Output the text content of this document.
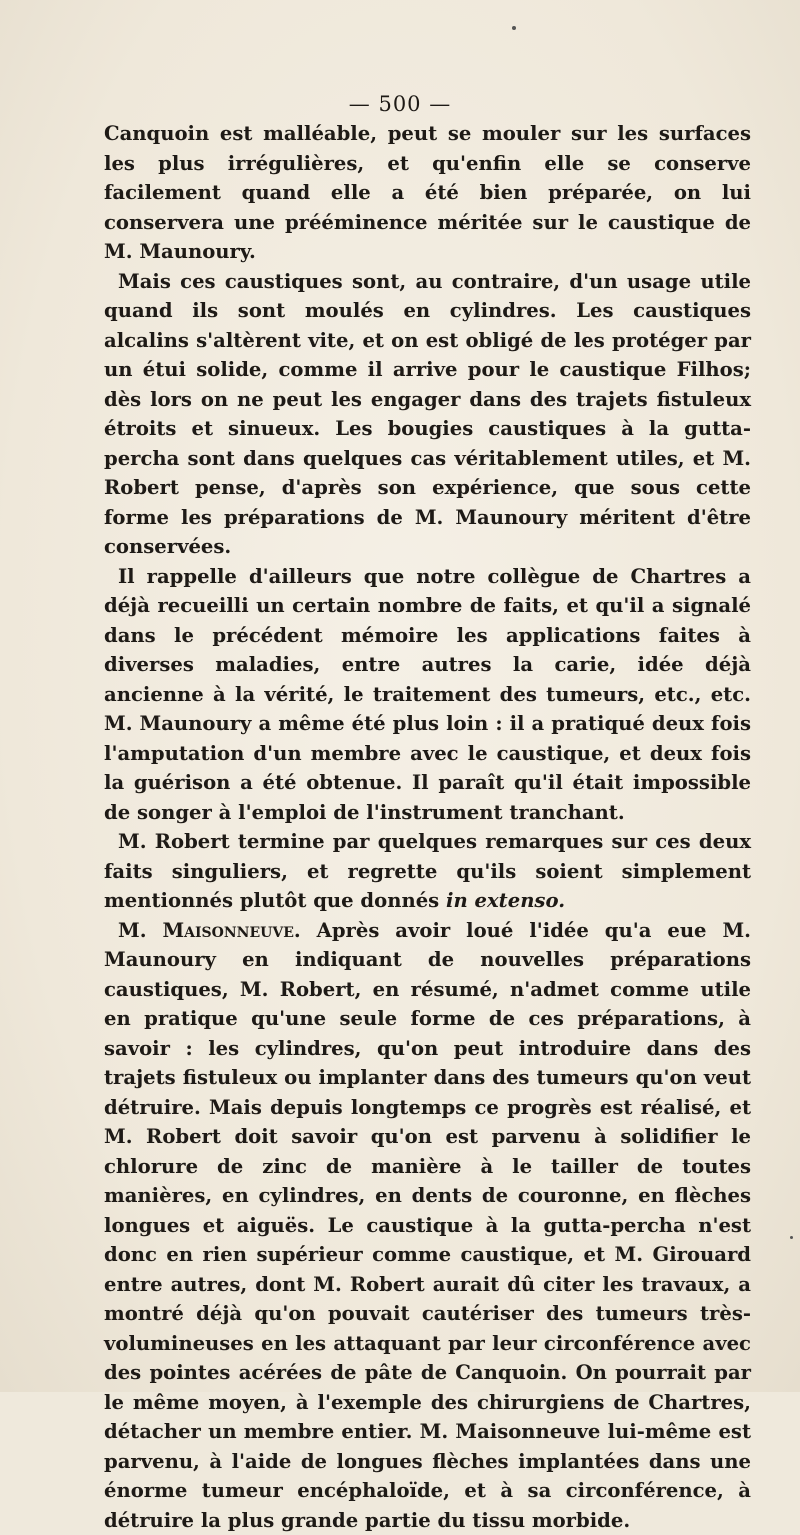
— 500 —

Canquoin est malléable, peut se mouler sur les surfaces les plus irrégulières, et qu'enfin elle se conserve facilement quand elle a été bien préparée, on lui conservera une prééminence méritée sur le caustique de M. Maunoury.

Mais ces caustiques sont, au contraire, d'un usage utile quand ils sont moulés en cylindres. Les caustiques alcalins s'altèrent vite, et on est obligé de les protéger par un étui solide, comme il arrive pour le caustique Filhos; dès lors on ne peut les engager dans des trajets fistuleux étroits et sinueux. Les bougies caustiques à la gutta-percha sont dans quelques cas véritablement utiles, et M. Robert pense, d'après son expérience, que sous cette forme les préparations de M. Maunoury méritent d'être conservées.

Il rappelle d'ailleurs que notre collègue de Chartres a déjà recueilli un certain nombre de faits, et qu'il a signalé dans le précédent mémoire les applications faites à diverses maladies, entre autres la carie, idée déjà ancienne à la vérité, le traitement des tumeurs, etc., etc. M. Maunoury a même été plus loin : il a pratiqué deux fois l'amputation d'un membre avec le caustique, et deux fois la guérison a été obtenue. Il paraît qu'il était impossible de songer à l'emploi de l'instrument tranchant.

M. Robert termine par quelques remarques sur ces deux faits singuliers, et regrette qu'ils soient simplement mentionnés plutôt que donnés in extenso.

M. Maisonneuve. Après avoir loué l'idée qu'a eue M. Maunoury en indiquant de nouvelles préparations caustiques, M. Robert, en résumé, n'admet comme utile en pratique qu'une seule forme de ces préparations, à savoir : les cylindres, qu'on peut introduire dans des trajets fistuleux ou implanter dans des tumeurs qu'on veut détruire. Mais depuis longtemps ce progrès est réalisé, et M. Robert doit savoir qu'on est parvenu à solidifier le chlorure de zinc de manière à le tailler de toutes manières, en cylindres, en dents de couronne, en flèches longues et aiguës. Le caustique à la gutta-percha n'est donc en rien supérieur comme caustique, et M. Girouard entre autres, dont M. Robert aurait dû citer les travaux, a montré déjà qu'on pouvait cautériser des tumeurs très-volumineuses en les attaquant par leur circonférence avec des pointes acérées de pâte de Canquoin. On pourrait par le même moyen, à l'exemple des chirurgiens de Chartres, détacher un membre entier. M. Maisonneuve lui-même est parvenu, à l'aide de longues flèches implantées dans une énorme tumeur encéphaloïde, et à sa circonférence, à détruire la plus grande partie du tissu morbide.
